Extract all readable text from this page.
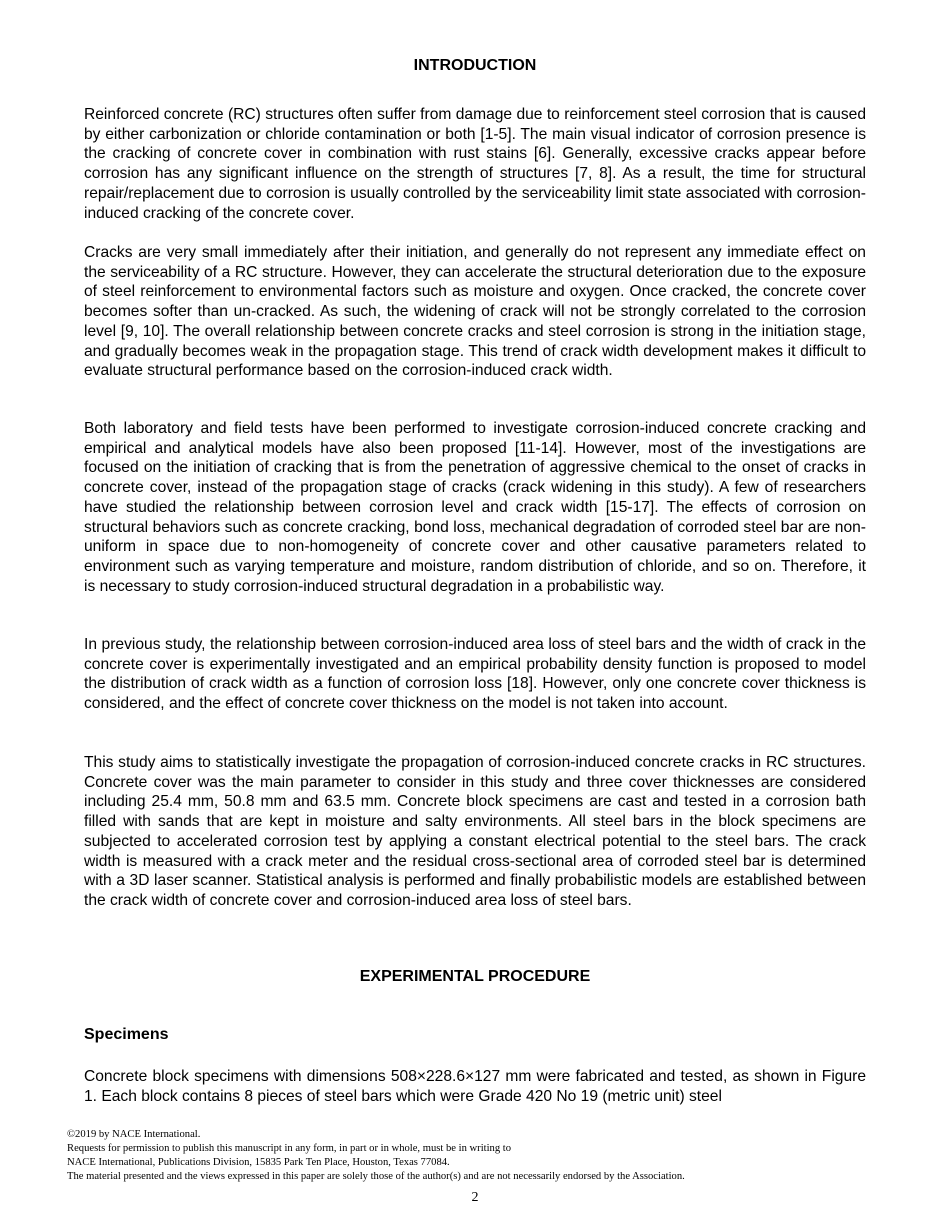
INTRODUCTION

Reinforced concrete (RC) structures often suffer from damage due to reinforcement steel corrosion that is caused by either carbonization or chloride contamination or both [1-5]. The main visual indicator of corrosion presence is the cracking of concrete cover in combination with rust stains [6]. Generally, excessive cracks appear before corrosion has any significant influence on the strength of structures [7, 8]. As a result, the time for structural repair/replacement due to corrosion is usually controlled by the serviceability limit state associated with corrosion-induced cracking of the concrete cover.

Cracks are very small immediately after their initiation, and generally do not represent any immediate effect on the serviceability of a RC structure. However, they can accelerate the structural deterioration due to the exposure of steel reinforcement to environmental factors such as moisture and oxygen. Once cracked, the concrete cover becomes softer than un-cracked. As such, the widening of crack will not be strongly correlated to the corrosion level [9, 10]. The overall relationship between concrete cracks and steel corrosion is strong in the initiation stage, and gradually becomes weak in the propagation stage. This trend of crack width development makes it difficult to evaluate structural performance based on the corrosion-induced crack width.

Both laboratory and field tests have been performed to investigate corrosion-induced concrete cracking and empirical and analytical models have also been proposed [11-14]. However, most of the investigations are focused on the initiation of cracking that is from the penetration of aggressive chemical to the onset of cracks in concrete cover, instead of the propagation stage of cracks (crack widening in this study). A few of researchers have studied the relationship between corrosion level and crack width [15-17]. The effects of corrosion on structural behaviors such as concrete cracking, bond loss, mechanical degradation of corroded steel bar are non-uniform in space due to non-homogeneity of concrete cover and other causative parameters related to environment such as varying temperature and moisture, random distribution of chloride, and so on. Therefore, it is necessary to study corrosion-induced structural degradation in a probabilistic way.

In previous study, the relationship between corrosion-induced area loss of steel bars and the width of crack in the concrete cover is experimentally investigated and an empirical probability density function is proposed to model the distribution of crack width as a function of corrosion loss [18]. However, only one concrete cover thickness is considered, and the effect of concrete cover thickness on the model is not taken into account.

This study aims to statistically investigate the propagation of corrosion-induced concrete cracks in RC structures. Concrete cover was the main parameter to consider in this study and three cover thicknesses are considered including 25.4 mm, 50.8 mm and 63.5 mm. Concrete block specimens are cast and tested in a corrosion bath filled with sands that are kept in moisture and salty environments. All steel bars in the block specimens are subjected to accelerated corrosion test by applying a constant electrical potential to the steel bars. The crack width is measured with a crack meter and the residual cross-sectional area of corroded steel bar is determined with a 3D laser scanner. Statistical analysis is performed and finally probabilistic models are established between the crack width of concrete cover and corrosion-induced area loss of steel bars.

EXPERIMENTAL PROCEDURE
Specimens

Concrete block specimens with dimensions 508×228.6×127 mm were fabricated and tested, as shown in Figure 1. Each block contains 8 pieces of steel bars which were Grade 420 No 19 (metric unit) steel

©2019 by NACE International.
Requests for permission to publish this manuscript in any form, in part or in whole, must be in writing to
NACE International, Publications Division, 15835 Park Ten Place, Houston, Texas 77084.
The material presented and the views expressed in this paper are solely those of the author(s) and are not necessarily endorsed by the Association.
2
